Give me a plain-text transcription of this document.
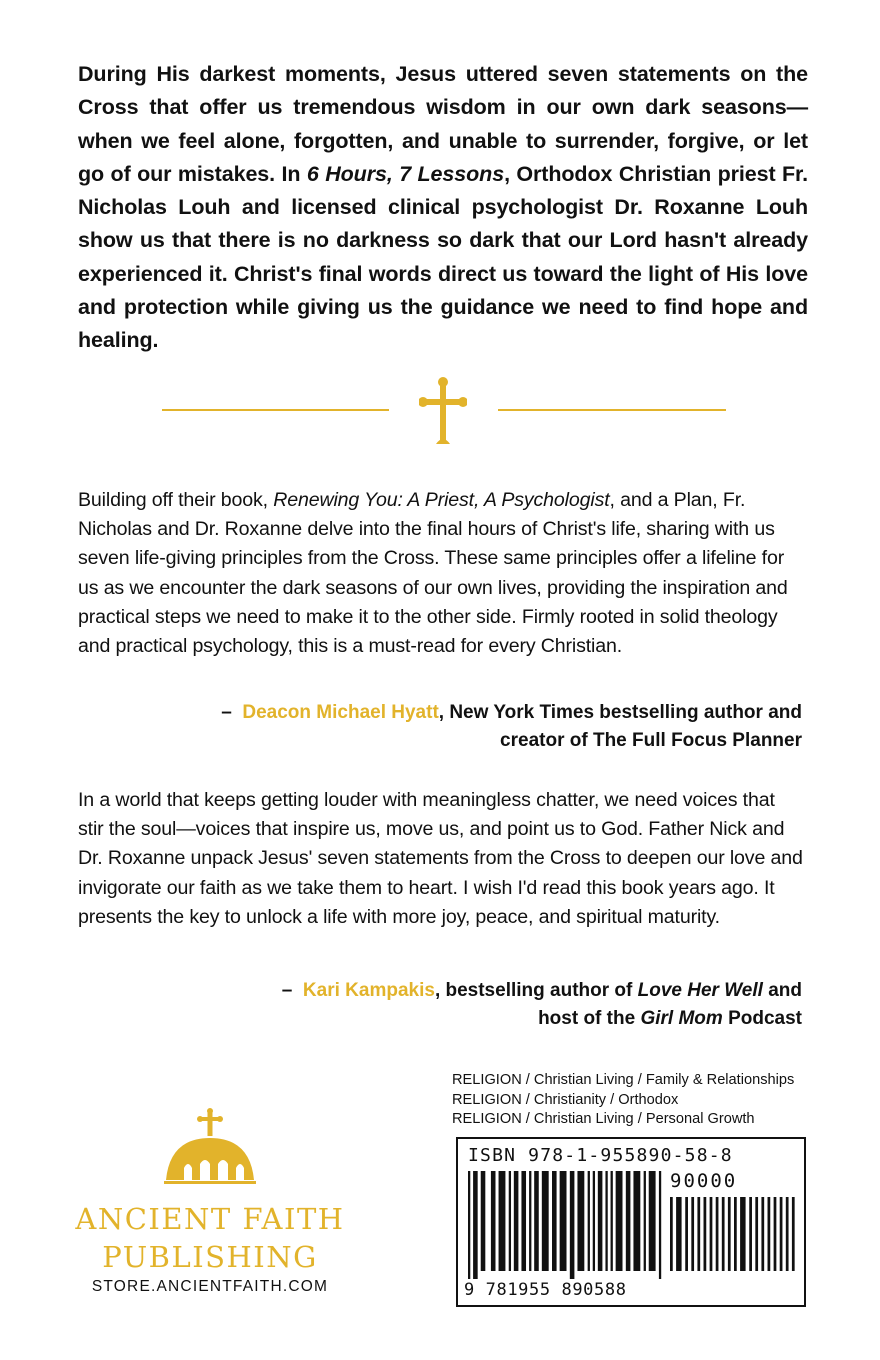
During His darkest moments, Jesus uttered seven statements on the Cross that offer us tremendous wisdom in our own dark seasons—when we feel alone, forgotten, and unable to surrender, forgive, or let go of our mistakes. In 6 Hours, 7 Lessons, Orthodox Christian priest Fr. Nicholas Louh and licensed clinical psychologist Dr. Roxanne Louh show us that there is no darkness so dark that our Lord hasn't already experienced it. Christ's final words direct us toward the light of His love and protection while giving us the guidance we need to find hope and healing.

Building off their book, Renewing You: A Priest, A Psychologist, and a Plan, Fr. Nicholas and Dr. Roxanne delve into the final hours of Christ's life, sharing with us seven life-giving principles from the Cross. These same principles offer a lifeline for us as we encounter the dark seasons of our own lives, providing the inspiration and practical steps we need to make it to the other side. Firmly rooted in solid theology and practical psychology, this is a must-read for every Christian.

– Deacon Michael Hyatt, New York Times bestselling author and
creator of The Full Focus Planner

In a world that keeps getting louder with meaningless chatter, we need voices that stir the soul—voices that inspire us, move us, and point us to God. Father Nick and Dr. Roxanne unpack Jesus' seven statements from the Cross to deepen our love and invigorate our faith as we take them to heart. I wish I'd read this book years ago. It presents the key to unlock a life with more joy, peace, and spiritual maturity.

– Kari Kampakis, bestselling author of Love Her Well and
host of the Girl Mom Podcast

RELIGION / Christian Living / Family & Relationships
RELIGION / Christianity / Orthodox
RELIGION / Christian Living / Personal Growth
ISBN 978-1-955890-58-8
90000
9 781955 890588
ANCIENT FAITH
PUBLISHING
STORE.ANCIENTFAITH.COM
